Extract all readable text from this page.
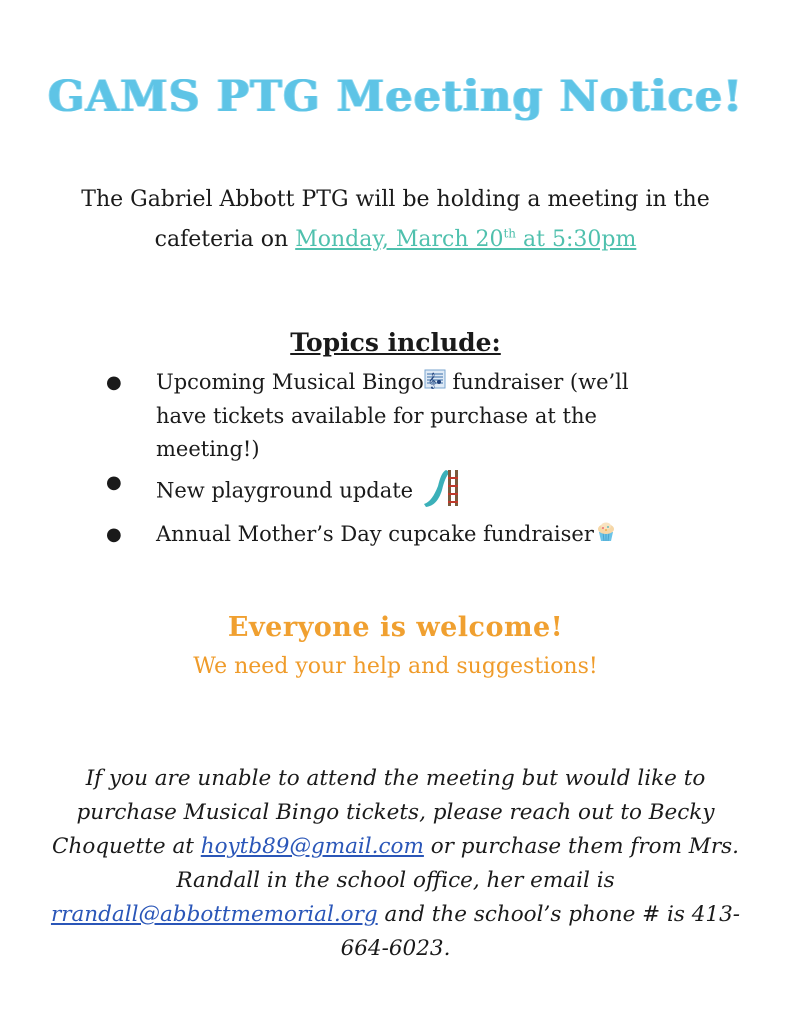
GAMS PTG Meeting Notice!
The Gabriel Abbott PTG will be holding a meeting in the cafeteria on Monday, March 20th at 5:30pm
Topics include:
● Upcoming Musical Bingo 𝄞 fundraiser (we’ll have tickets available for purchase at the meeting!)
● New playground update
● Annual Mother’s Day cupcake fundraiser
Everyone is welcome!
We need your help and suggestions!
If you are unable to attend the meeting but would like to purchase Musical Bingo tickets, please reach out to Becky Choquette at hoytb89@gmail.com or purchase them from Mrs. Randall in the school office, her email is rrandall@abbottmemorial.org and the school’s phone # is 413-664-6023.
